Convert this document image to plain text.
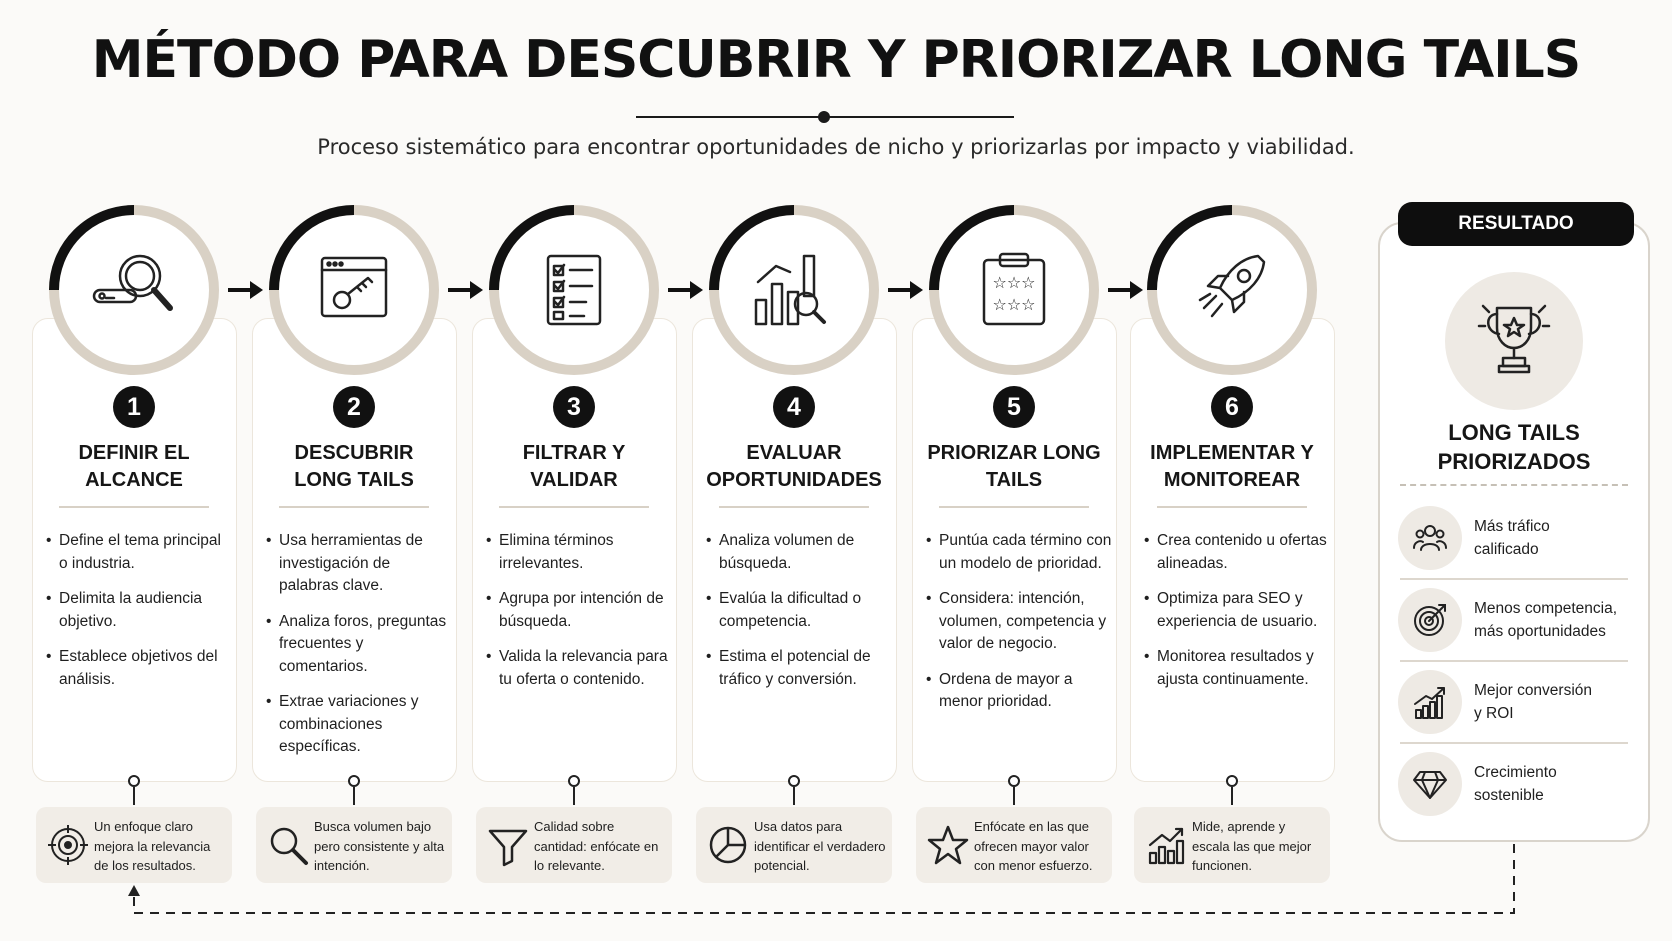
MÉTODO PARA DESCUBRIR Y PRIORIZAR LONG TAILS
Proceso sistemático para encontrar oportunidades de nicho y priorizarlas por impacto y viabilidad.
1
DEFINIR EL
ALCANCE
• Define el tema principal o industria.
• Delimita la audiencia objetivo.
• Establece objetivos del análisis.
Un enfoque claro mejora la relevancia de los resultados.
2
DESCUBRIR
LONG TAILS
• Usa herramientas de investigación de palabras clave.
• Analiza foros, preguntas frecuentes y comentarios.
• Extrae variaciones y combinaciones específicas.
Busca volumen bajo pero consistente y alta intención.
3
FILTRAR Y
VALIDAR
• Elimina términos irrelevantes.
• Agrupa por intención de búsqueda.
• Valida la relevancia para tu oferta o contenido.
Calidad sobre cantidad: enfócate en lo relevante.
4
EVALUAR
OPORTUNIDADES
• Analiza volumen de búsqueda.
• Evalúa la dificultad o competencia.
• Estima el potencial de tráfico y conversión.
Usa datos para identificar el verdadero potencial.
☆☆☆
☆☆☆
5
PRIORIZAR LONG
TAILS
• Puntúa cada término con un modelo de prioridad.
• Considera: intención, volumen, competencia y valor de negocio.
• Ordena de mayor a menor prioridad.
Enfócate en las que ofrecen mayor valor con menor esfuerzo.
6
IMPLEMENTAR Y
MONITOREAR
• Crea contenido u ofertas alineadas.
• Optimiza para SEO y experiencia de usuario.
• Monitorea resultados y ajusta continuamente.
Mide, aprende y escala las que mejor funcionen.
RESULTADO
LONG TAILS
PRIORIZADOS
Más tráfico
calificado
Menos competencia,
más oportunidades
Mejor conversión
y ROI
Crecimiento
sostenible
